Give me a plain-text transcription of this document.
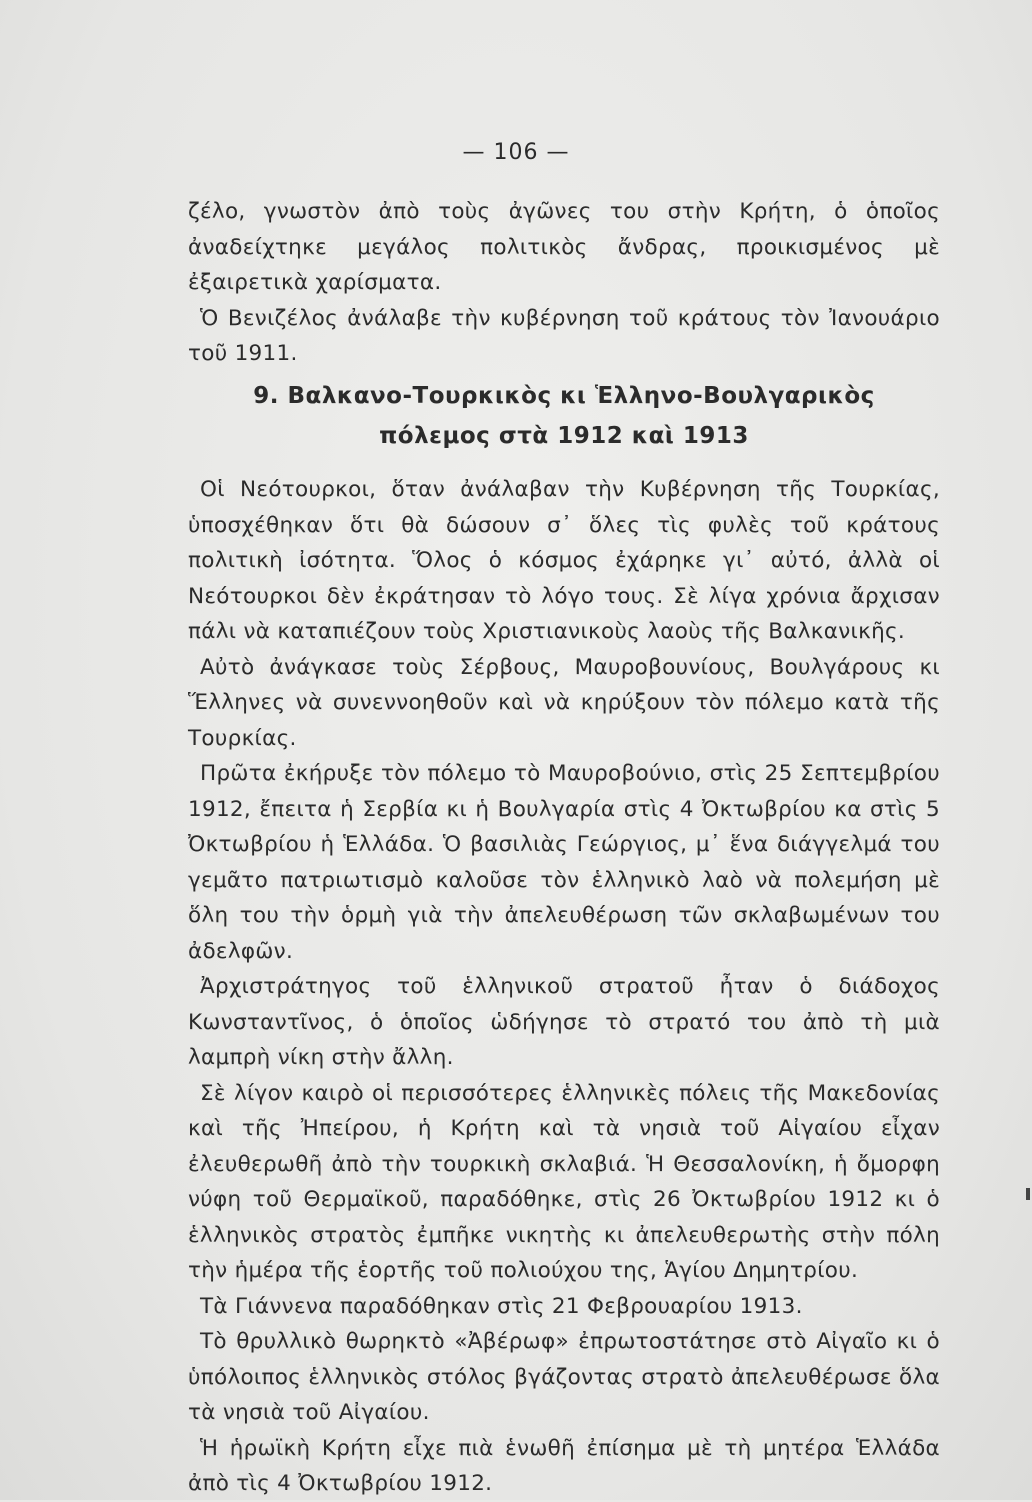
— 106 —

ζέλο, γνωστὸν ἀπὸ τοὺς ἀγῶνες του στὴν Κρήτη, ὁ ὁποῖος ἀναδείχτηκε μεγάλος πολιτικὸς ἄνδρας, προικισμένος μὲ ἐξαιρετικὰ χαρίσματα.

Ὁ Βενιζέλος ἀνάλαβε τὴν κυβέρνηση τοῦ κράτους τὸν Ἰανουάριο τοῦ 1911.

9. Βαλκανο-Τουρκικὸς κι Ἑλληνο-Βουλγαρικὸς
πόλεμος στὰ 1912 καὶ 1913

Οἱ Νεότουρκοι, ὅταν ἀνάλαβαν τὴν Κυβέρνηση τῆς Τουρκίας, ὑποσχέθηκαν ὅτι θὰ δώσουν σ᾽ ὅλες τὶς φυλὲς τοῦ κράτους πολιτικὴ ἰσότητα. Ὅλος ὁ κόσμος ἐχάρηκε γι᾽ αὐτό, ἀλλὰ οἱ Νεότουρκοι δὲν ἐκράτησαν τὸ λόγο τους. Σὲ λίγα χρόνια ἄρχισαν πάλι νὰ καταπιέζουν τοὺς Χριστιανικοὺς λαοὺς τῆς Βαλκανικῆς.

Αὐτὸ ἀνάγκασε τοὺς Σέρβους, Μαυροβουνίους, Βουλγάρους κι Ἕλληνες νὰ συνεννοηθοῦν καὶ νὰ κηρύξουν τὸν πόλεμο κατὰ τῆς Τουρκίας.

Πρῶτα ἐκήρυξε τὸν πόλεμο τὸ Μαυροβούνιο, στὶς 25 Σεπτεμβρίου 1912, ἔπειτα ἡ Σερβία κι ἡ Βουλγαρία στὶς 4 Ὀκτωβρίου κα στὶς 5 Ὀκτωβρίου ἡ Ἑλλάδα. Ὁ βασιλιὰς Γεώργιος, μ᾽ ἕνα διάγγελμά του γεμᾶτο πατριωτισμὸ καλοῦσε τὸν ἑλληνικὸ λαὸ νὰ πολεμήση μὲ ὅλη του τὴν ὁρμὴ γιὰ τὴν ἀπελευθέρωση τῶν σκλαβωμένων του ἀδελφῶν.

Ἀρχιστράτηγος τοῦ ἑλληνικοῦ στρατοῦ ἦταν ὁ διάδοχος Κωνσταντῖνος, ὁ ὁποῖος ὡδήγησε τὸ στρατό του ἀπὸ τὴ μιὰ λαμπρὴ νίκη στὴν ἄλλη.

Σὲ λίγον καιρὸ οἱ περισσότερες ἑλληνικὲς πόλεις τῆς Μακεδονίας καὶ τῆς Ἠπείρου, ἡ Κρήτη καὶ τὰ νησιὰ τοῦ Αἰγαίου εἶχαν ἐλευθερωθῆ ἀπὸ τὴν τουρκικὴ σκλαβιά. Ἡ Θεσσαλονίκη, ἡ ὄμορφη νύφη τοῦ Θερμαϊκοῦ, παραδόθηκε, στὶς 26 Ὀκτωβρίου 1912 κι ὁ ἑλληνικὸς στρατὸς ἐμπῆκε νικητὴς κι ἀπελευθερωτὴς στὴν πόλη τὴν ἡμέρα τῆς ἑορτῆς τοῦ πολιούχου της, Ἁγίου Δημητρίου.

Τὰ Γιάννενα παραδόθηκαν στὶς 21 Φεβρουαρίου 1913.

Τὸ θρυλλικὸ θωρηκτὸ «Ἀβέρωφ» ἐπρωτοστάτησε στὸ Αἰγαῖο κι ὁ ὑπόλοιπος ἑλληνικὸς στόλος βγάζοντας στρατὸ ἀπελευθέρωσε ὅλα τὰ νησιὰ τοῦ Αἰγαίου.

Ἡ ἡρωϊκὴ Κρήτη εἶχε πιὰ ἑνωθῆ ἐπίσημα μὲ τὴ μητέρα Ἑλλάδα ἀπὸ τὶς 4 Ὀκτωβρίου 1912.
